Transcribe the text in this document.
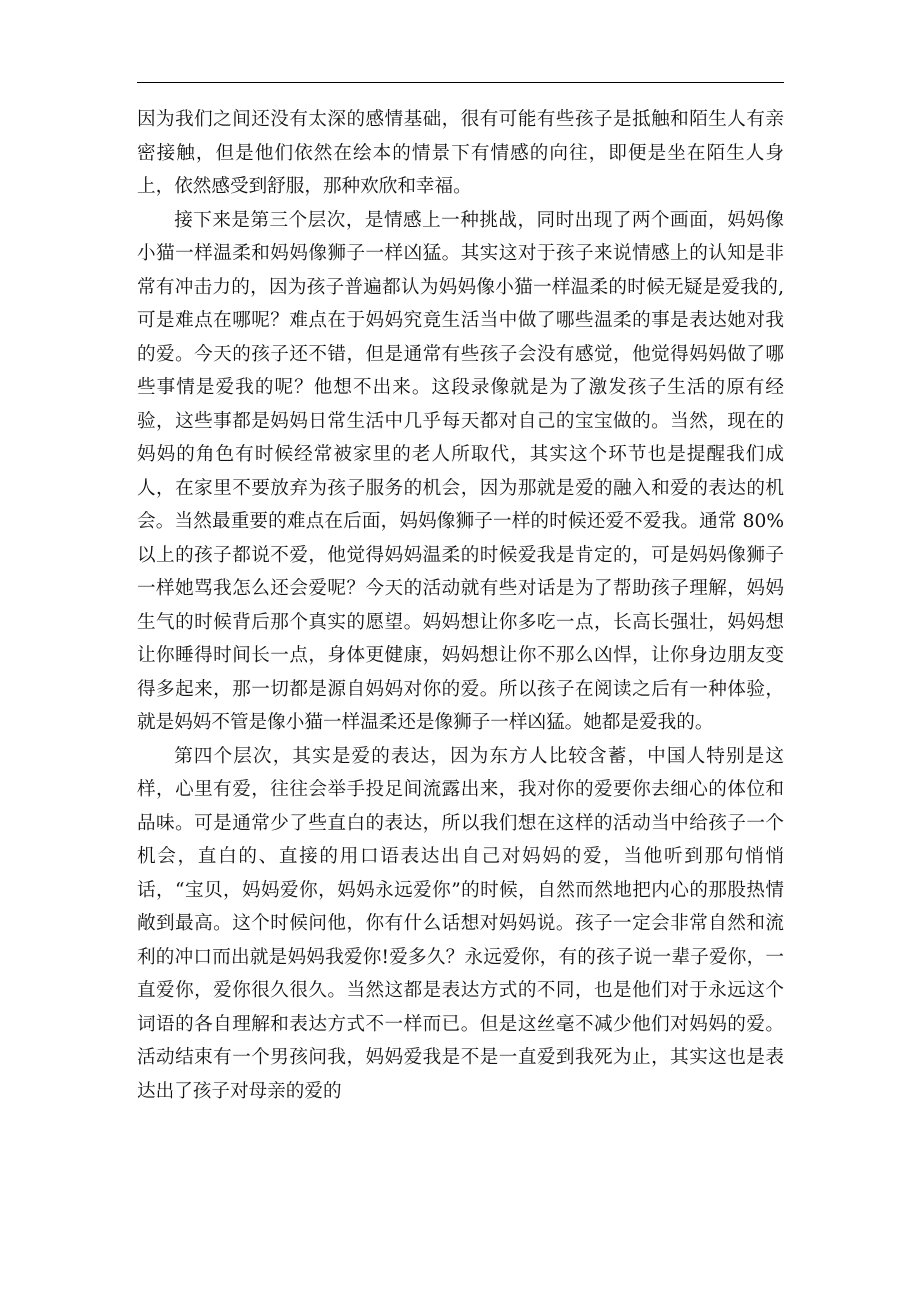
因为我们之间还没有太深的感情基础，很有可能有些孩子是抵触和陌生人有亲密接触，但是他们依然在绘本的情景下有情感的向往，即便是坐在陌生人身上，依然感受到舒服，那种欢欣和幸福。

接下来是第三个层次，是情感上一种挑战，同时出现了两个画面，妈妈像小猫一样温柔和妈妈像狮子一样凶猛。其实这对于孩子来说情感上的认知是非常有冲击力的，因为孩子普遍都认为妈妈像小猫一样温柔的时候无疑是爱我的,可是难点在哪呢？难点在于妈妈究竟生活当中做了哪些温柔的事是表达她对我的爱。今天的孩子还不错，但是通常有些孩子会没有感觉，他觉得妈妈做了哪些事情是爱我的呢？他想不出来。这段录像就是为了激发孩子生活的原有经验，这些事都是妈妈日常生活中几乎每天都对自己的宝宝做的。当然，现在的妈妈的角色有时候经常被家里的老人所取代，其实这个环节也是提醒我们成人，在家里不要放弃为孩子服务的机会，因为那就是爱的融入和爱的表达的机会。当然最重要的难点在后面，妈妈像狮子一样的时候还爱不爱我。通常 80%以上的孩子都说不爱，他觉得妈妈温柔的时候爱我是肯定的，可是妈妈像狮子一样她骂我怎么还会爱呢？今天的活动就有些对话是为了帮助孩子理解，妈妈生气的时候背后那个真实的愿望。妈妈想让你多吃一点，长高长强壮，妈妈想让你睡得时间长一点，身体更健康，妈妈想让你不那么凶悍，让你身边朋友变得多起来，那一切都是源自妈妈对你的爱。所以孩子在阅读之后有一种体验，就是妈妈不管是像小猫一样温柔还是像狮子一样凶猛。她都是爱我的。

第四个层次，其实是爱的表达，因为东方人比较含蓄，中国人特别是这样，心里有爱，往往会举手投足间流露出来，我对你的爱要你去细心的体位和品味。可是通常少了些直白的表达，所以我们想在这样的活动当中给孩子一个机会，直白的、直接的用口语表达出自己对妈妈的爱，当他听到那句悄悄话，“宝贝，妈妈爱你，妈妈永远爱你”的时候，自然而然地把内心的那股热情敞到最高。这个时候问他，你有什么话想对妈妈说。孩子一定会非常自然和流利的冲口而出就是妈妈我爱你!爱多久？永远爱你，有的孩子说一辈子爱你，一直爱你，爱你很久很久。当然这都是表达方式的不同，也是他们对于永远这个词语的各自理解和表达方式不一样而已。但是这丝毫不减少他们对妈妈的爱。活动结束有一个男孩问我，妈妈爱我是不是一直爱到我死为止，其实这也是表达出了孩子对母亲的爱的
